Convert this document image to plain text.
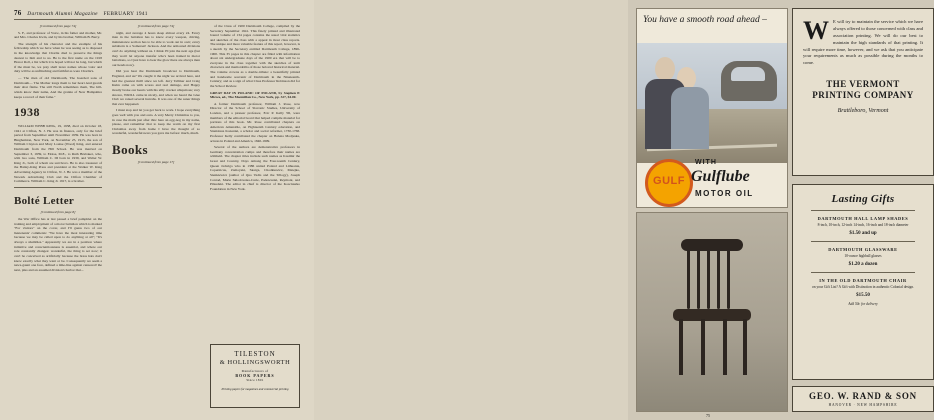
76 Dartmouth Alumni Magazine FEBRUARY 1941

[Continued from page 74]

S. F., and professor of Voice, in his father and mother, Mr. and Mrs. Charles Irwin, and by his brother, William B. Berry.

The strength of his character and the example of his fellowship which we have when he was seeing as is disposed in the knowledge that Charlie died to preserve the things dearest to him and to us. He is the first name on the 1918 Honor Roll, a list which it is hoped will not be long, but which if the must be, we pray shall leave names whose valor and duty will be as unflinching and faithful as were Charlie's.

— The men of old Dartmouth, The hoarded sons of Dartmouth— The Mother longs them to her heart And guards their altar flame. The still North remembers them, The hill-winds know their name, And the granite of New Hampshire keeps a record of their fame."

1938

WILLIAM WEBB KING, 19, 1938, died on October 18, 1941 at Clifton, N. J. He was in finance, only for the brief period from September until November 1939. He was born in Binghamton, New York, on November 25, 1915, the son of William Clayton and Mary Louise (Wood) King, and entered Dartmouth from the Hill School. He was married on September 3, 1939, to Eloise, M.E., to Ruth Brubaker, who, with two sons, William C. III born in 1939, and Walter W. King Jr., both of whom are survivors. He is also treasurer of the Bailey-King Press and president at the Walker W. King Advertising Agency in Clifton, N. J. He was a member of the Newark Advertising Club and the Clifton Chamber of Commerce. William C. King Jr. 1917, is a brother.

Bolté Letter

[Continued from page 8]

the War Office has at last passed a brief pamphlet on the training and employment of a motor battalion which is marked "For visitors" on the cover, and I'll guess two of our lieutenants' comments: "We have the most interesting time because we may be called upon to do anything at all"; "It's always a shambles." Apparently we are in a position where initiative and conscientiousness is essential, and where our role constantly changes: wonderful, the thing is set now; it can't be conceived as artificially because the brass hats don't know exactly what they want or be. Consequently we seem a news-gaunt one face, defined a time-line against censored! the next, plus and an assumed division's harbor that...

[Continued from page 74]

night, and average 4 hours sleep almost every 24. Every man in the battalion has to know every weapon, driving, maintenance section has to be able to work out in own; every subaltern is a Somerset! Jackson. And the armoured divisions can't do anything without us. I think I'll join the next age (but they won't let anyone transfer who's been trained in motor battalions, so I just have to bear the glow there are always men our heads now).

Did you hear the Dartmouth broadcast to Dartmouth, England, and us? We caught it the night we arrived here, and had the greatest thrill since we left. Jerry Tallmer and Craig Kuhn came on with scores and real damage, and Happy mostly broke our hearts with his silly cracker ubiquitous; very sincere, WRILL came in nicely, and when we heard the Glee Club we raised several hurrahs. It was one of the saner things that ever happened.

I must stop and let you get back to work. I hope everything goes well with you and ours. A very Merry Christmas to you, in case the mails just after this: here an egg-nog in my name, please, and remember that to keep me warm on my first Christmas away from home I have the thought of so wonderful, wonderful news you gave me before: much, much.

Books

[Continued from page 17]

of the Class of 1900 Dartmouth College, compiled by the Secretary September 1941. This finely printed and illustrated bound volume of 134 pages contains the usual vital statistics and sketches of the class with a appeal in most class reports. The unique and more valuable feature of this report, however, is a sketch by the Secretary entitled Dartmouth College, 1896-1900. This 35 pages in this chapter are filled with information about six undergraduate days of the 1900 era that will be to everyone in the class together with the sketches of term characters and memorabilia of those beloved historical material. The volume crowns as a double-tribute: a beautifully printed and handsome souvenir of Dartmouth in the Nineteenth-Century; and as a sign of what Class Professor Robinson did for the School Review.

GREAT DAY IN POLAND: OF POLAND, by Stephen P. Mizwa, ed., The Macmillan Co., New York, pp. 327, $4.00.

A former Dartmouth professor, William J. Rose, now Director of the School of Slavonic Studies, University of London, and a pioneer professor, Eric P. Kelly '06, were members of the editorial board that helped compile material for portions of this book. Mr. Rose contributed chapters on American Amenable, on Eighteenth Century education, and Stanislaus Konarski, a scholar and social reformer, 1730-1768. Professor Kelly contributed the chapter on Helena Modjeska, actress in Poland and America, 1840-1909.

Several of the authors are demonstrative professors in Germany concentration camps and therefore their names are withheld. The chapter titles include such names as Kasimir the Great and Country, Days Among the Four-teenth Century, Queen Jadwiga who in 1386 united Poland and Lithuania, Copernicus, Zamoyski, Skarga, Chodkiewicz, Matejko, Sienkiewicz (author of Quo Vadis and the Trilogy), Joseph Conrad, Marie Sklodowska-Curie, Paderewski, Reymont, and Pilsudski. The editor in chief is director of the Kosciuszko Foundation in New York.

TILESTON
& HOLLINGSWORTH
Manufacturers of
BOOK PAPERS
Since 1801
Printing papers for magazines and commercial printing
You have a smooth road ahead –
GULF
WITH
Gulflube
MOTOR OIL
75

W E will try to maintain the service which we have always offered to those concerned with class and association printing. We will do our best to maintain the high standards of that printing. It will require more time, however, and we ask that you anticipate your requirements as much as possible during the months to come.

THE VERMONT PRINTING COMPANY
Brattleboro, Vermont
Lasting Gifts
DARTMOUTH HALL LAMP SHADES
8-inch, 10-inch, 12-inch 14-inch, 16-inch and 18-inch diameter
$1.50 and up
DARTMOUTH GLASSWARE
10-ounce highball glasses
$1.20 a dozen
IN THE OLD DARTMOUTH CHAIR
on your Gift List? A Gift with Distinction in authentic Colonial design.
$15.50
Add 50c for delivery
GEO. W. RAND & SON
HANOVER · NEW HAMPSHIRE
